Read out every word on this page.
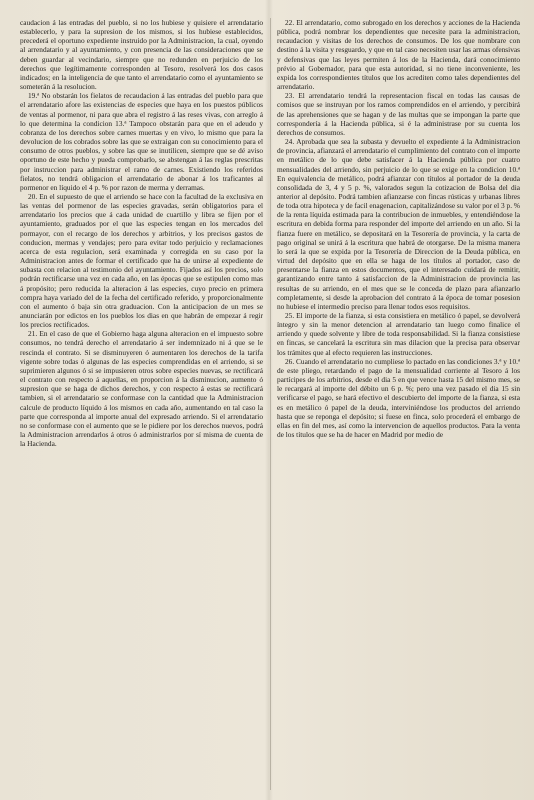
caudacion á las entradas del pueblo, si no los hubiese y quisiere el arrendatario establecerlo, y para la supresion de los mismos, si los hubiese establecidos, precederá el oportuno expediente instruido por la Administracion, la cual, oyendo al arrendatario y al ayuntamiento, y con presencia de las consideraciones que se deben guardar al vecindario, siempre que no redunden en perjuicio de los derechos que legítimamente corresponden al Tesoro, resolverá los dos casos indicados; en la inteligencia de que tanto el arrendatario como el ayuntamiento se someterán á la resolucion.

19.ª No obstarán los fielatos de recaudacion á las entradas del pueblo para que el arrendatario afore las existencias de especies que haya en los puestos públicos de ventas al pormenor, ni para que abra el registro á las reses vivas, con arreglo á lo que determina la condicion 13.ª Tampoco obstarán para que en el adeudo y cobranza de los derechos sobre carnes muertas y en vivo, lo mismo que para la devolucion de los cobrados sobre las que se extraigan con su conocimiento para el consumo de otros pueblos, y sobre las que se inutilicen, siempre que se dé aviso oportuno de este hecho y pueda comprobarlo, se abstengan á las reglas prescritas por instruccion para administrar el ramo de carnes. Existiendo los referidos fielatos, no tendrá obligacion el arrendatario de abonar á los traficantes al pormenor en líquido el 4 p. % por razon de merma y derramas.

20. En el supuesto de que el arriendo se hace con la facultad de la exclusiva en las ventas del pormenor de las especies gravadas, serán obligatorios para el arrendatario los precios que á cada unidad de cuartillo y libra se fijen por el ayuntamiento, graduados por el que las especies tengan en los mercados del pormayor, con el recargo de los derechos y arbitrios, y los precisos gastos de conducion, mermas y vendajes; pero para evitar todo perjuicio y reclamaciones acerca de esta regulacion, será examinada y corregida en su caso por la Administracion antes de formar el certificado que ha de unirse al expediente de subasta con relacion al testimonio del ayuntamiento. Fijados así los precios, solo podrán rectificarse una vez en cada año, en las épocas que se estipulen como mas á propósito; pero reducida la alteracion á las especies, cuyo precio en primera compra haya variado del de la fecha del certificado referido, y proporcionalmente con el aumento ó baja sin otra graduacion. Con la anticipacion de un mes se anunciarán por edictos en los pueblos los dias en que habrán de empezar á regir los precios rectificados.

21. En el caso de que el Gobierno haga alguna alteracion en el impuesto sobre consumos, no tendrá derecho el arrendatario á ser indemnizado ni á que se le rescinda el contrato. Si se disminuyeren ó aumentaren los derechos de la tarifa vigente sobre todas ó algunas de las especies comprendidas en el arriendo, si se suprimieren algunos ó si se impusieren otros sobre especies nuevas, se rectificará el contrato con respecto á aquellas, en proporcion á la disminucion, aumento ó supresion que se haga de dichos derechos, y con respecto á estas se rectificará tambien, si el arrendatario se conformase con la cantidad que la Administracion calcule de producto líquido á los mismos en cada año, aumentando en tal caso la parte que corresponda al importe anual del expresado arriendo. Si el arrendatario no se conformase con el aumento que se le pidiere por los derechos nuevos, podrá la Administracion arrendarlos á otros ó administrarlos por sí misma de cuenta de la Hacienda.

22. El arrendatario, como subrogado en los derechos y acciones de la Hacienda pública, podrá nombrar los dependientes que necesite para la administracion, recaudacion y visitas de los derechos de consumos. De los que nombrare con destino á la visita y resguardo, y que en tal caso necesiten usar las armas ofensivas y defensivas que las leyes permiten á los de la Hacienda, dará conocimiento prévio al Gobernador, para que esta autoridad, si no tiene inconveniente, les expida los correspondientes títulos que los acrediten como tales dependientes del arrendatario.

23. El arrendatario tendrá la representacion fiscal en todas las causas de comisos que se instruyan por los ramos comprendidos en el arriendo, y percibirá de las aprehensiones que se hagan y de las multas que se impongan la parte que correspondería á la Hacienda pública, si é la administrase por su cuenta los derechos de consumos.

24. Aprobada que sea la subasta y devuelto el expediente á la Administracion de provincia, afianzará el arrendatario el cumplimiento del contrato con el importe en metálico de lo que debe satisfacer á la Hacienda pública por cuatro mensualidades del arriendo, sin perjuicio de lo que se exige en la condicion 10.ª En equivalencia de metálico, podrá afianzar con títulos al portador de la deuda consolidada de 3, 4 y 5 p. %, valorados segun la cotizacion de Bolsa del dia anterior al depósito. Podrá tambien afianzarse con fincas rústicas y urbanas libres de toda otra hipoteca y de facil enagenacion, capitalizándose su valor por el 3 p. % de la renta líquida estimada para la contribucion de inmuebles, y entendiéndose la escritura en debida forma para responder del importe del arriendo en un año. Si la fianza fuere en metálico, se depositará en la Tesorería de provincia, y la carta de pago original se unirá á la escritura que habrá de otorgarse. De la misma manera lo será la que se expida por la Tesorería de Direccion de la Deuda pública, en virtud del depósito que en ella se haga de los títulos al portador, caso de presentarse la fianza en estos documentos, que el interesado cuidará de remitir, garantizando entre tanto á satisfaccion de la Administracion de provincia las resultas de su arriendo, en el mes que se le conceda de plazo para afianzarlo completamente, si desde la aprobacion del contrato á la época de tomar posesion no hubiese el intermedio preciso para llenar todos esos requisitos.

25. El importe de la fianza, si esta consistiera en metálico ó papel, se devolverá íntegro y sin la menor detencion al arrendatario tan luego como finalice el arriendo y quede solvente y libre de toda responsabilidad. Si la fianza consistiese en fincas, se cancelará la escritura sin mas dilacion que la precisa para observar los trámites que al efecto requieren las instrucciones.

26. Cuando el arrendatario no cumpliese lo pactado en las condiciones 3.ª y 10.ª de este pliego, retardando el pago de la mensualidad corriente al Tesoro á los partícipes de los arbitrios, desde el dia 5 en que vence hasta 15 del mismo mes, se le recargará al importe del débito un 6 p. %; pero una vez pasado el dia 15 sin verificarse el pago, se hará efectivo el descubierto del importe de la fianza, si esta es en metálico ó papel de la deuda, interviniéndose los productos del arriendo hasta que se reponga el depósito; si fuese en finca, solo procederá el embargo de ellas en fin del mes, así como la intervencion de aquellos productos. Para la venta de los títulos que se ha de hacer en Madrid por medio de
